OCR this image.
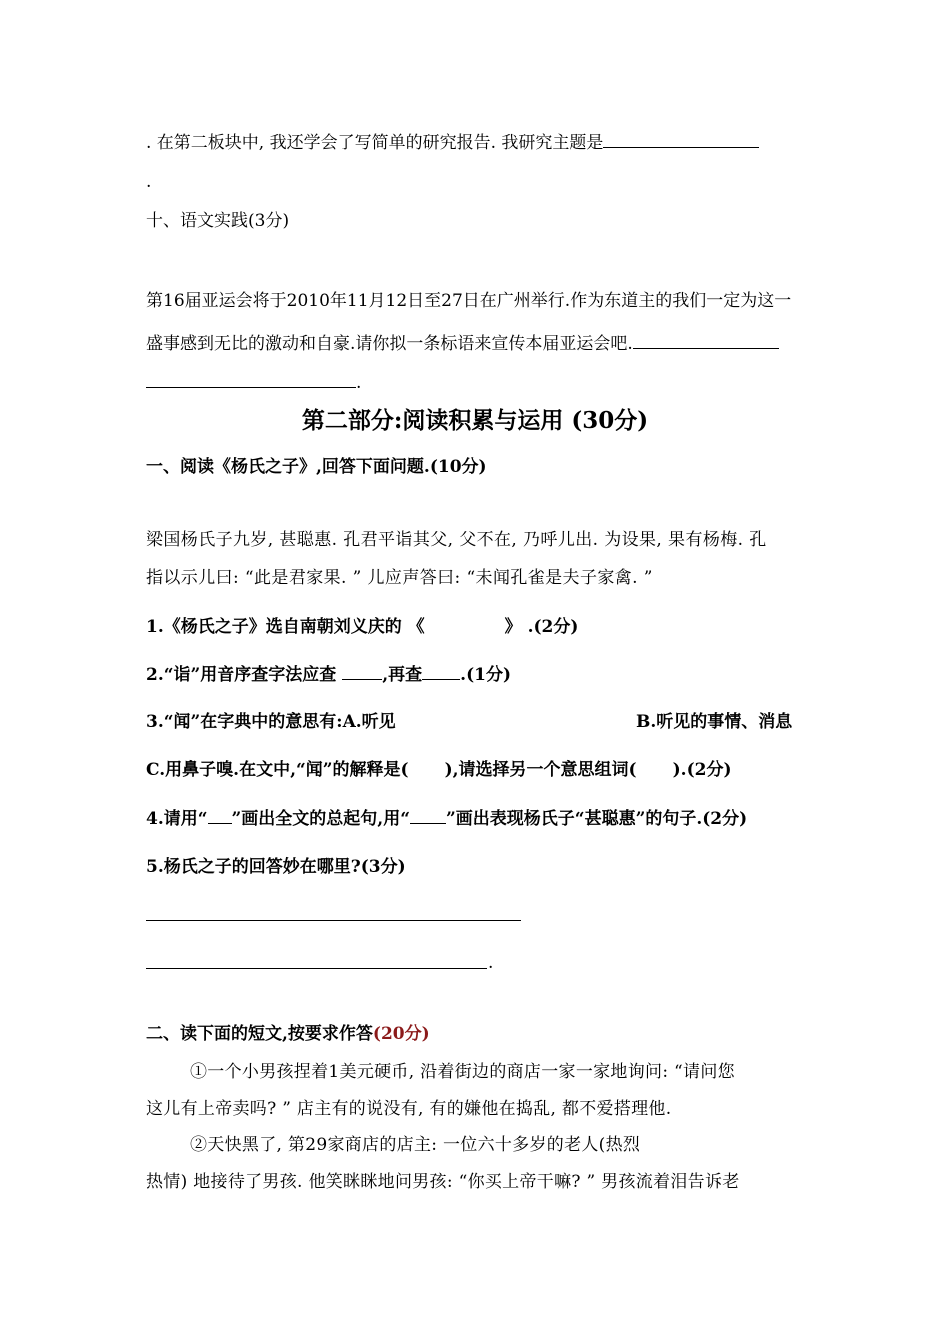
. 在第二板块中, 我还学会了写简单的研究报告. 我研究主题是
.
十、语文实践(3分)
第16届亚运会将于2010年11月12日至27日在广州举行.作为东道主的我们一定为这一
盛事感到无比的激动和自豪.请你拟一条标语来宣传本届亚运会吧.
.
第二部分:阅读积累与运用 (30分)
一、阅读《杨氏之子》,回答下面问题.(10分)
梁国杨氏子九岁, 甚聪惠. 孔君平诣其父, 父不在, 乃呼儿出. 为设果, 果有杨梅. 孔
指以示儿曰: “此是君家果. ” 儿应声答曰: “未闻孔雀是夫子家禽. ”
1.《杨氏之子》选自南朝刘义庆的 《	》 .(2分)
2.“诣”用音序查字法应查 ,再查 .(1分)
3.“闻”在字典中的意思有:A.听见	B.听见的事情、消息
C.用鼻子嗅.在文中,“闻”的解释是( ),请选择另一个意思组词( ).(2分)
4.请用“ ”画出全文的总起句,用“ ”画出表现杨氏子“甚聪惠”的句子.(2分)
5.杨氏之子的回答妙在哪里?(3分)
.
二、读下面的短文,按要求作答(20分)
①一个小男孩捏着1美元硬币, 沿着街边的商店一家一家地询问: “请问您
这儿有上帝卖吗? ” 店主有的说没有, 有的嫌他在捣乱, 都不爱搭理他.
②天快黑了, 第29家商店的店主: 一位六十多岁的老人(热烈
热情) 地接待了男孩. 他笑眯眯地问男孩: “你买上帝干嘛? ” 男孩流着泪告诉老
